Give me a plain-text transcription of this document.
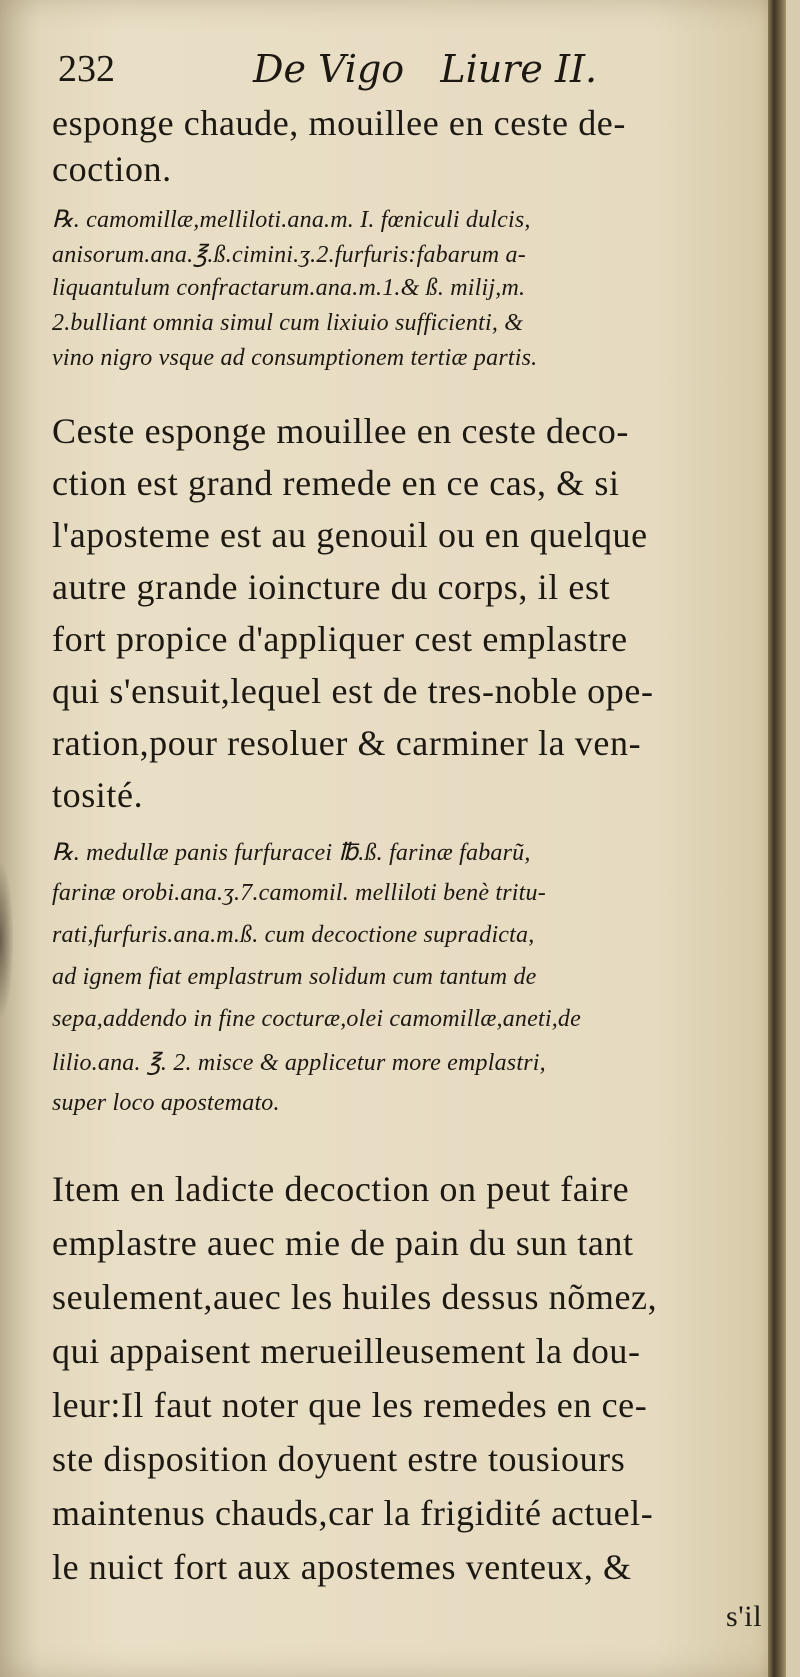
232	De Vigo   Liure II.
esponge chaude, mouillee en ceste de-
coction.
℞. camomillæ,melliloti.ana.m. I. fœniculi dulcis,
anisorum.ana.℥.ß.cimini.ʒ.2.furfuris:fabarum a-
liquantulum confractarum.ana.m.1.& ß. milij,m.
2.bulliant omnia simul cum lixiuio sufficienti, &
vino nigro vsque ad consumptionem tertiæ partis.
Ceste esponge mouillee en ceste deco-
ction est grand remede en ce cas, & si
l'aposteme est au genouil ou en quelque
autre grande ioincture du corps, il est
fort propice d'appliquer cest emplastre
qui s'ensuit,lequel est de tres-noble ope-
ration,pour resoluer & carminer la ven-
tosité.
℞. medullæ panis furfuracei ℔.ß. farinæ fabarũ,
farinæ orobi.ana.ʒ.7.camomil. melliloti benè tritu-
rati,furfuris.ana.m.ß. cum decoctione supradicta,
ad ignem fiat emplastrum solidum cum tantum de
sepa,addendo in fine cocturæ,olei camomillæ,aneti,de
lilio.ana. ℥. 2. misce & applicetur more emplastri,
super loco apostemato.
Item en ladicte decoction on peut faire
emplastre auec mie de pain du sun tant
seulement,auec les huiles dessus nõmez,
qui appaisent merueilleusement la dou-
leur:Il faut noter que les remedes en ce-
ste disposition doyuent estre tousiours
maintenus chauds,car la frigidité actuel-
le nuict fort aux apostemes venteux, &
s'il
